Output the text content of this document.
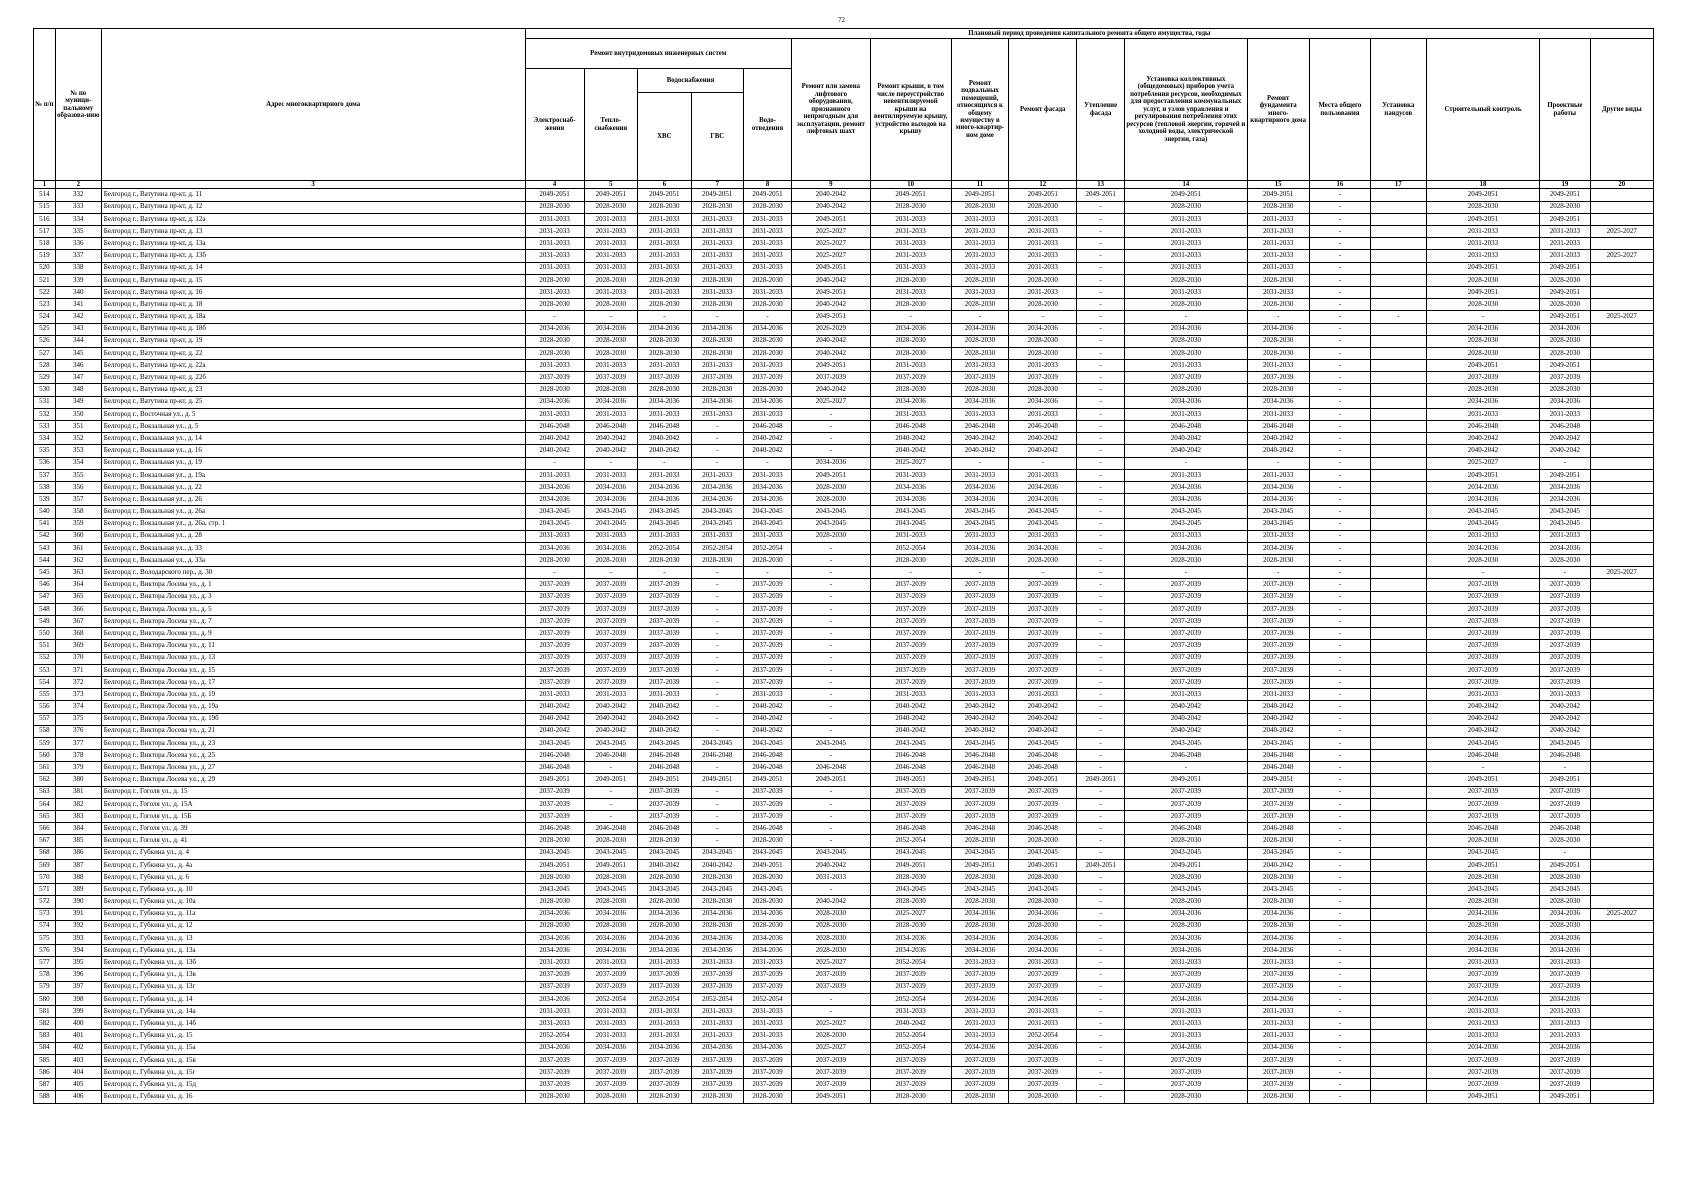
72
№ п/п	№ по муници-пальному образова-нию	Адрес многоквартирного дома	Плановый период проведения капитального ремонта общего имущества, годы																
			Ремонт внутридомовых инженерных систем					Ремонт или замена лифтового оборудования, признанного непригодным для эксплуатации, ремонт лифтовых шахт	Ремонт крыши, в том числе переустройство невентилируемой крыши на вентилируемую крышу, устройство выходов на крышу	Ремонт подвальных помещений, относящихся к общему имуществу в много-квартир-ном доме	Ремонт фасада	Утепление фасада	Установка коллективных (общедомовых) приборов учета потребления ресурсов, необходимых для предоставления коммунальных услуг, и узлов управления и регулирования потребления этих ресурсов (тепловой энергии, горячей и холодной воды, электрической энергии, газа)	Ремонт фундамента много-квартирного дома	Места общего пользования	Установка пандусов	Строительный контроль	Проектные работы	Другие виды
			Электроснаб-жения	Тепло-снабжения	Водоснабжения		Водо-отведения												
					ХВС	ГВС													
1	2	3	4	5	6	7	8	9	10	11	12	13	14	15	16	17	18	19	20
514	332	Белгород г., Ватутина пр-кт, д. 11	2049-2051	2049-2051	2049-2051	2049-2051	2049-2051	2040-2042	2049-2051	2049-2051	2049-2051	2049-2051	2049-2051	2049-2051	-		2049-2051	2049-2051	
515	333	Белгород г., Ватутина пр-кт, д. 12	2028-2030	2028-2030	2028-2030	2028-2030	2028-2030	2040-2042	2028-2030	2028-2030	2028-2030	-	2028-2030	2028-2030	-		2028-2030	2028-2030	
516	334	Белгород г., Ватутина пр-кт, д. 12а	2031-2033	2031-2033	2031-2033	2031-2033	2031-2033	2049-2051	2031-2033	2031-2033	2031-2033	-	2031-2033	2031-2033	-		2049-2051	2049-2051	
517	335	Белгород г., Ватутина пр-кт, д. 13	2031-2033	2031-2033	2031-2033	2031-2033	2031-2033	2025-2027	2031-2033	2031-2033	2031-2033	-	2031-2033	2031-2033	-		2031-2033	2031-2033	2025-2027
518	336	Белгород г., Ватутина пр-кт, д. 13а	2031-2033	2031-2033	2031-2033	2031-2033	2031-2033	2025-2027	2031-2033	2031-2033	2031-2033	-	2031-2033	2031-2033	-		2031-2033	2031-2033	
519	337	Белгород г., Ватутина пр-кт, д. 13б	2031-2033	2031-2033	2031-2033	2031-2033	2031-2033	2025-2027	2031-2033	2031-2033	2031-2033	-	2031-2033	2031-2033	-		2031-2033	2031-2033	2025-2027
520	338	Белгород г., Ватутина пр-кт, д. 14	2031-2033	2031-2033	2031-2033	2031-2033	2031-2033	2049-2051	2031-2033	2031-2033	2031-2033	-	2031-2033	2031-2033	-		2049-2051	2049-2051	
521	339	Белгород г., Ватутина пр-кт, д. 15	2028-2030	2028-2030	2028-2030	2028-2030	2028-2030	2040-2042	2028-2030	2028-2030	2028-2030	-	2028-2030	2028-2030	-		2028-2030	2028-2030	
522	340	Белгород г., Ватутина пр-кт, д. 16	2031-2033	2031-2033	2031-2033	2031-2033	2031-2033	2049-2051	2031-2033	2031-2033	2031-2033	-	2031-2033	2031-2033	-		2049-2051	2049-2051	
523	341	Белгород г., Ватутина пр-кт, д. 18	2028-2030	2028-2030	2028-2030	2028-2030	2028-2030	2040-2042	2028-2030	2028-2030	2028-2030	-	2028-2030	2028-2030	-		2028-2030	2028-2030	
524	342	Белгород г., Ватутина пр-кт, д. 18а	-	-	-	-	-	2049-2051	-	-	-	-	-	-	-	-	-	2049-2051	2025-2027
525	343	Белгород г., Ватутина пр-кт, д. 18б	2034-2036	2034-2036	2034-2036	2034-2036	2034-2036	2026-2029	2034-2036	2034-2036	2034-2036	-	2034-2036	2034-2036	-		2034-2036	2034-2036	
526	344	Белгород г., Ватутина пр-кт, д. 19	2028-2030	2028-2030	2028-2030	2028-2030	2028-2030	2040-2042	2028-2030	2028-2030	2028-2030	-	2028-2030	2028-2030	-		2028-2030	2028-2030	
527	345	Белгород г., Ватутина пр-кт, д. 22	2028-2030	2028-2030	2028-2030	2028-2030	2028-2030	2040-2042	2028-2030	2028-2030	2028-2030	-	2028-2030	2028-2030	-		2028-2030	2028-2030	
528	346	Белгород г., Ватутина пр-кт, д. 22а	2031-2033	2031-2033	2031-2033	2031-2033	2031-2033	2049-2051	2031-2033	2031-2033	2031-2033	-	2031-2033	2031-2033	-		2049-2051	2049-2051	
529	347	Белгород г., Ватутина пр-кт, д. 22б	2037-2039	2037-2039	2037-2039	2037-2039	2037-2039	2037-2039	2037-2039	2037-2039	2037-2039	-	2037-2039	2037-2039	-		2037-2039	2037-2039	
530	348	Белгород г., Ватутина пр-кт, д. 23	2028-2030	2028-2030	2028-2030	2028-2030	2028-2030	2040-2042	2028-2030	2028-2030	2028-2030	-	2028-2030	2028-2030	-		2028-2030	2028-2030	
531	349	Белгород г., Ватутина пр-кт, д. 25	2034-2036	2034-2036	2034-2036	2034-2036	2034-2036	2025-2027	2034-2036	2034-2036	2034-2036	-	2034-2036	2034-2036	-		2034-2036	2034-2036	
532	350	Белгород г., Восточная ул., д. 5	2031-2033	2031-2033	2031-2033	2031-2033	2031-2033	-	2031-2033	2031-2033	2031-2033	-	2031-2033	2031-2033	-		2031-2033	2031-2033	
533	351	Белгород г., Вокзальная ул., д. 5	2046-2048	2046-2048	2046-2048	-	2046-2048	-	2046-2048	2046-2048	2046-2048	-	2046-2048	2046-2048	-		2046-2048	2046-2048	
534	352	Белгород г., Вокзальная ул., д. 14	2040-2042	2040-2042	2040-2042	-	2040-2042	-	2040-2042	2040-2042	2040-2042	-	2040-2042	2040-2042	-		2040-2042	2040-2042	
535	353	Белгород г., Вокзальная ул., д. 16	2040-2042	2040-2042	2040-2042	-	2040-2042	-	2040-2042	2040-2042	2040-2042	-	2040-2042	2040-2042	-		2040-2042	2040-2042	
536	354	Белгород г., Вокзальная ул., д. 19	-	-	-	-	-	2034-2036	2025-2027	-	-	-	-	-	-		2025-2027	-	
537	355	Белгород г., Вокзальная ул., д. 19а	2031-2033	2031-2033	2031-2033	2031-2033	2031-2033	2049-2051	2031-2033	2031-2033	2031-2033	-	2031-2033	2031-2033	-		2049-2051	2049-2051	
538	356	Белгород г., Вокзальная ул., д. 22	2034-2036	2034-2036	2034-2036	2034-2036	2034-2036	2028-2030	2034-2036	2034-2036	2034-2036	-	2034-2036	2034-2036	-		2034-2036	2034-2036	
539	357	Белгород г., Вокзальная ул., д. 26	2034-2036	2034-2036	2034-2036	2034-2036	2034-2036	2028-2030	2034-2036	2034-2036	2034-2036	-	2034-2036	2034-2036	-		2034-2036	2034-2036	
540	358	Белгород г., Вокзальная ул., д. 26а	2043-2045	2043-2045	2043-2045	2043-2045	2043-2045	2043-2045	2043-2045	2043-2045	2043-2045	-	2043-2045	2043-2045	-		2043-2045	2043-2045	
541	359	Белгород г., Вокзальная ул., д. 26а, стр. 1	2043-2045	2043-2045	2043-2045	2043-2045	2043-2045	2043-2045	2043-2045	2043-2045	2043-2045	-	2043-2045	2043-2045	-		2043-2045	2043-2045	
542	360	Белгород г., Вокзальная ул., д. 28	2031-2033	2031-2033	2031-2033	2031-2033	2031-2033	2028-2030	2031-2033	2031-2033	2031-2033	-	2031-2033	2031-2033	-		2031-2033	2031-2033	
543	361	Белгород г., Вокзальная ул., д. 33	2034-2036	2034-2036	2052-2054	2052-2054	2052-2054	-	2052-2054	2034-2036	2034-2036	-	2034-2036	2034-2036	-		2034-2036	2034-2036	
544	362	Белгород г., Вокзальная ул., д. 33а	2028-2030	2028-2030	2028-2030	2028-2030	2028-2030	-	2028-2030	2028-2030	2028-2030	-	2028-2030	2028-2030	-		2028-2030	2028-2030	
545	363	Белгород г., Володарского пер., д. 30	-	-	-	-	-	-	-	-	-	-	-	-	-		-	-	2025-2027
546	364	Белгород г., Виктора Лосева ул., д. 1	2037-2039	2037-2039	2037-2039	-	2037-2039	-	2037-2039	2037-2039	2037-2039	-	2037-2039	2037-2039	-		2037-2039	2037-2039	
547	365	Белгород г., Виктора Лосева ул., д. 3	2037-2039	2037-2039	2037-2039	-	2037-2039	-	2037-2039	2037-2039	2037-2039	-	2037-2039	2037-2039	-		2037-2039	2037-2039	
548	366	Белгород г., Виктора Лосева ул., д. 5	2037-2039	2037-2039	2037-2039	-	2037-2039	-	2037-2039	2037-2039	2037-2039	-	2037-2039	2037-2039	-		2037-2039	2037-2039	
549	367	Белгород г., Виктора Лосева ул., д. 7	2037-2039	2037-2039	2037-2039	-	2037-2039	-	2037-2039	2037-2039	2037-2039	-	2037-2039	2037-2039	-		2037-2039	2037-2039	
550	368	Белгород г., Виктора Лосева ул., д. 9	2037-2039	2037-2039	2037-2039	-	2037-2039	-	2037-2039	2037-2039	2037-2039	-	2037-2039	2037-2039	-		2037-2039	2037-2039	
551	369	Белгород г., Виктора Лосева ул., д. 11	2037-2039	2037-2039	2037-2039	-	2037-2039	-	2037-2039	2037-2039	2037-2039	-	2037-2039	2037-2039	-		2037-2039	2037-2039	
552	370	Белгород г., Виктора Лосева ул., д. 13	2037-2039	2037-2039	2037-2039	-	2037-2039	-	2037-2039	2037-2039	2037-2039	-	2037-2039	2037-2039	-		2037-2039	2037-2039	
553	371	Белгород г., Виктора Лосева ул., д. 15	2037-2039	2037-2039	2037-2039	-	2037-2039	-	2037-2039	2037-2039	2037-2039	-	2037-2039	2037-2039	-		2037-2039	2037-2039	
554	372	Белгород г., Виктора Лосева ул., д. 17	2037-2039	2037-2039	2037-2039	-	2037-2039	-	2037-2039	2037-2039	2037-2039	-	2037-2039	2037-2039	-		2037-2039	2037-2039	
555	373	Белгород г., Виктора Лосева ул., д. 19	2031-2033	2031-2033	2031-2033	-	2031-2033	-	2031-2033	2031-2033	2031-2033	-	2031-2033	2031-2033	-		2031-2033	2031-2033	
556	374	Белгород г., Виктора Лосева ул., д. 19а	2040-2042	2040-2042	2040-2042	-	2040-2042	-	2040-2042	2040-2042	2040-2042	-	2040-2042	2040-2042	-		2040-2042	2040-2042	
557	375	Белгород г., Виктора Лосева ул., д. 19б	2040-2042	2040-2042	2040-2042	-	2040-2042	-	2040-2042	2040-2042	2040-2042	-	2040-2042	2040-2042	-		2040-2042	2040-2042	
558	376	Белгород г., Виктора Лосева ул., д. 21	2040-2042	2040-2042	2040-2042	-	2040-2042	-	2040-2042	2040-2042	2040-2042	-	2040-2042	2040-2042	-		2040-2042	2040-2042	
559	377	Белгород г., Виктора Лосева ул., д. 23	2043-2045	2043-2045	2043-2045	2043-2045	2043-2045	2043-2045	2043-2045	2043-2045	2043-2045	-	2043-2045	2043-2045	-		2043-2045	2043-2045	
560	378	Белгород г., Виктора Лосева ул., д. 25	2046-2048	2046-2048	2046-2048	2046-2048	2046-2048	-	2046-2048	2046-2048	2046-2048	-	2046-2048	2046-2048	-		2046-2048	2046-2048	
561	379	Белгород г., Виктора Лосева ул., д. 27	2046-2048	-	2046-2048	-	2046-2048	2046-2048	2046-2048	2046-2048	2046-2048	-	-	2046-2048	-		-	-	
562	380	Белгород г., Виктора Лосева ул., д. 29	2049-2051	2049-2051	2049-2051	2049-2051	2049-2051	2049-2051	2049-2051	2049-2051	2049-2051	2049-2051	2049-2051	2049-2051	-		2049-2051	2049-2051	
563	381	Белгород г., Гоголя ул., д. 15	2037-2039	-	2037-2039	-	2037-2039	-	2037-2039	2037-2039	2037-2039	-	2037-2039	2037-2039	-		2037-2039	2037-2039	
564	382	Белгород г., Гоголя ул., д. 15А	2037-2039	-	2037-2039	-	2037-2039	-	2037-2039	2037-2039	2037-2039	-	2037-2039	2037-2039	-		2037-2039	2037-2039	
565	383	Белгород г., Гоголя ул., д. 15Б	2037-2039	-	2037-2039	-	2037-2039	-	2037-2039	2037-2039	2037-2039	-	2037-2039	2037-2039	-		2037-2039	2037-2039	
566	384	Белгород г., Гоголя ул., д. 39	2046-2048	2046-2048	2046-2048	-	2046-2048	-	2046-2048	2046-2048	2046-2048	-	2046-2048	2046-2048	-		2046-2048	2046-2048	
567	385	Белгород г., Гоголя ул., д. 41	2028-2030	2028-2030	2028-2030	-	2028-2030	-	2052-2054	2028-2030	2028-2030	-	2028-2030	2028-2030	-		2028-2030	2028-2030	
568	386	Белгород г., Губкина ул., д. 4	2043-2045	2043-2045	2043-2045	2043-2045	2043-2045	2043-2045	2043-2045	2043-2045	2043-2045	-	2043-2045	2043-2045	-		2043-2045	-	
569	387	Белгород г., Губкина ул., д. 4а	2049-2051	2049-2051	2040-2042	2040-2042	2049-2051	2040-2042	2049-2051	2049-2051	2049-2051	2049-2051	2049-2051	2040-2042	-		2049-2051	2049-2051	
570	388	Белгород г., Губкина ул., д. 6	2028-2030	2028-2030	2028-2030	2028-2030	2028-2030	2031-2033	2028-2030	2028-2030	2028-2030	-	2028-2030	2028-2030	-		2028-2030	2028-2030	
571	389	Белгород г., Губкина ул., д. 10	2043-2045	2043-2045	2043-2045	2043-2045	2043-2045	-	2043-2045	2043-2045	2043-2045	-	2043-2045	2043-2045	-		2043-2045	2043-2045	
572	390	Белгород г., Губкина ул., д. 10а	2028-2030	2028-2030	2028-2030	2028-2030	2028-2030	2040-2042	2028-2030	2028-2030	2028-2030	-	2028-2030	2028-2030	-		2028-2030	2028-2030	
573	391	Белгород г., Губкина ул., д. 11а	2034-2036	2034-2036	2034-2036	2034-2036	2034-2036	2028-2030	2025-2027	2034-2036	2034-2036	-	2034-2036	2034-2036	-		2034-2036	2034-2036	2025-2027
574	392	Белгород г., Губкина ул., д. 12	2028-2030	2028-2030	2028-2030	2028-2030	2028-2030	2028-2030	2028-2030	2028-2030	2028-2030	-	2028-2030	2028-2030	-		2028-2030	2028-2030	
575	393	Белгород г., Губкина ул., д. 13	2034-2036	2034-2036	2034-2036	2034-2036	2034-2036	2028-2030	2034-2036	2034-2036	2034-2036	-	2034-2036	2034-2036	-		2034-2036	2034-2036	
576	394	Белгород г., Губкина ул., д. 13а	2034-2036	2034-2036	2034-2036	2034-2036	2034-2036	2028-2030	2034-2036	2034-2036	2034-2036	-	2034-2036	2034-2036	-		2034-2036	2034-2036	
577	395	Белгород г., Губкина ул., д. 13б	2031-2033	2031-2033	2031-2033	2031-2033	2031-2033	2025-2027	2052-2054	2031-2033	2031-2033	-	2031-2033	2031-2033	-		2031-2033	2031-2033	
578	396	Белгород г., Губкина ул., д. 13в	2037-2039	2037-2039	2037-2039	2037-2039	2037-2039	2037-2039	2037-2039	2037-2039	2037-2039	-	2037-2039	2037-2039	-		2037-2039	2037-2039	
579	397	Белгород г., Губкина ул., д. 13г	2037-2039	2037-2039	2037-2039	2037-2039	2037-2039	2037-2039	2037-2039	2037-2039	2037-2039	-	2037-2039	2037-2039	-		2037-2039	2037-2039	
580	398	Белгород г., Губкина ул., д. 14	2034-2036	2052-2054	2052-2054	2052-2054	2052-2054	-	2052-2054	2034-2036	2034-2036	-	2034-2036	2034-2036	-		2034-2036	2034-2036	
581	399	Белгород г., Губкина ул., д. 14а	2031-2033	2031-2033	2031-2033	2031-2033	2031-2033	-	2031-2033	2031-2033	2031-2033	-	2031-2033	2031-2033	-		2031-2033	2031-2033	
582	400	Белгород г., Губкина ул., д. 14б	2031-2033	2031-2033	2031-2033	2031-2033	2031-2033	2025-2027	2040-2042	2031-2033	2031-2033	-	2031-2033	2031-2033	-		2031-2033	2031-2033	
583	401	Белгород г., Губкина ул., д. 15	2052-2054	2031-2033	2031-2033	2031-2033	2031-2033	2028-2030	2052-2054	2031-2033	2052-2054	-	2031-2033	2031-2033	-		2031-2033	2031-2033	
584	402	Белгород г., Губкина ул., д. 15а	2034-2036	2034-2036	2034-2036	2034-2036	2034-2036	2025-2027	2052-2054	2034-2036	2034-2036	-	2034-2036	2034-2036	-		2034-2036	2034-2036	
585	403	Белгород г., Губкина ул., д. 15в	2037-2039	2037-2039	2037-2039	2037-2039	2037-2039	2037-2039	2037-2039	2037-2039	2037-2039	-	2037-2039	2037-2039	-		2037-2039	2037-2039	
586	404	Белгород г., Губкина ул., д. 15г	2037-2039	2037-2039	2037-2039	2037-2039	2037-2039	2037-2039	2037-2039	2037-2039	2037-2039	-	2037-2039	2037-2039	-		2037-2039	2037-2039	
587	405	Белгород г., Губкина ул., д. 15д	2037-2039	2037-2039	2037-2039	2037-2039	2037-2039	2037-2039	2037-2039	2037-2039	2037-2039	-	2037-2039	2037-2039	-		2037-2039	2037-2039	
588	406	Белгород г., Губкина ул., д. 16	2028-2030	2028-2030	2028-2030	2028-2030	2028-2030	2049-2051	2028-2030	2028-2030	2028-2030	-	2028-2030	2028-2030	-		2049-2051	2049-2051	
